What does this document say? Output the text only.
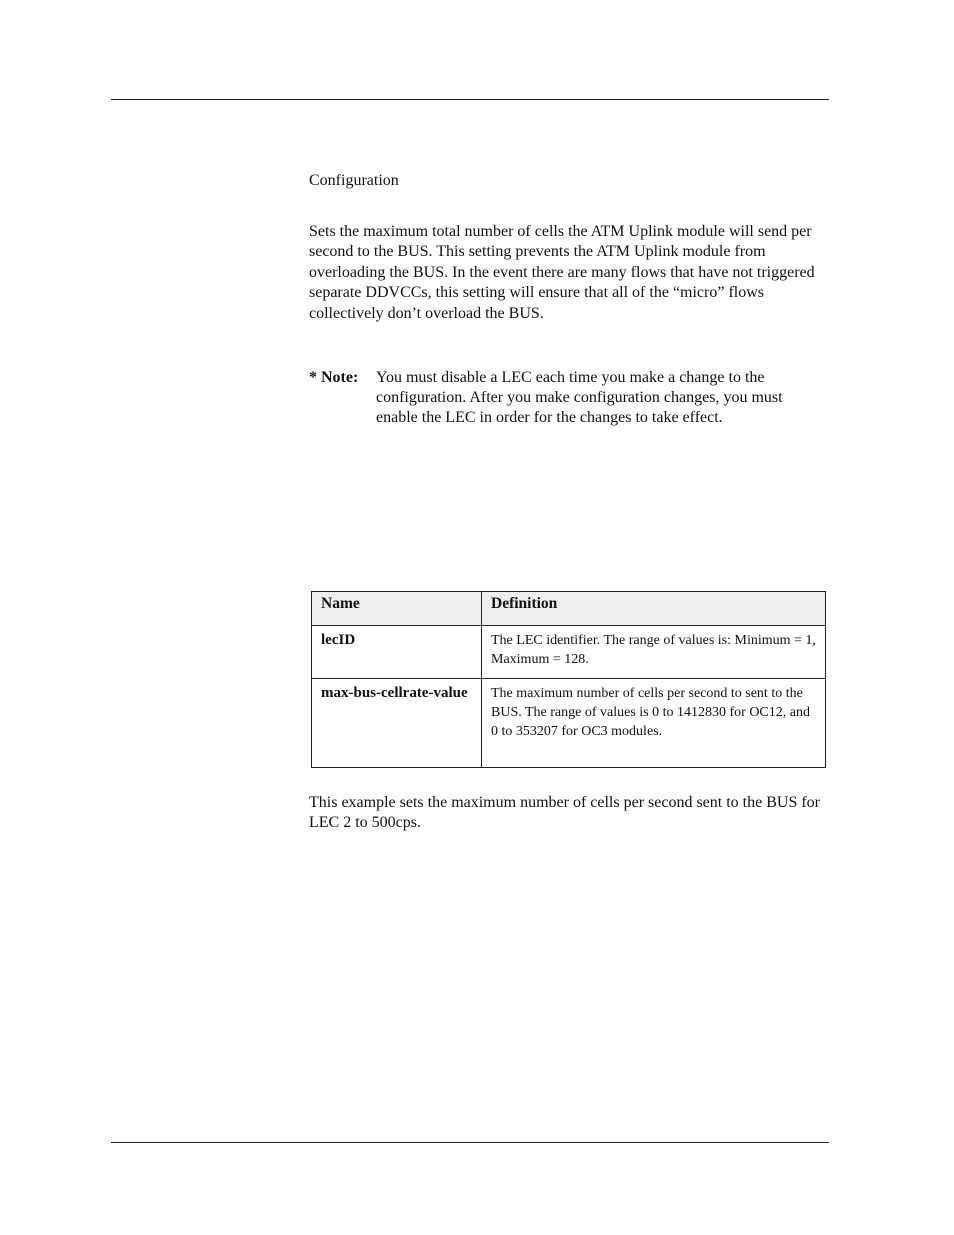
Configuration

Sets the maximum total number of cells the ATM Uplink module will send per second to the BUS. This setting prevents the ATM Uplink module from overloading the BUS. In the event there are many flows that have not triggered separate DDVCCs, this setting will ensure that all of the “micro” flows collectively don’t overload the BUS.

* Note: You must disable a LEC each time you make a change to the configuration. After you make configuration changes, you must enable the LEC in order for the changes to take effect.
Name	Definition
lecID	The LEC identifier. The range of values is: Minimum = 1, Maximum = 128.
max-bus-cellrate-value	The maximum number of cells per second to sent to the BUS. The range of values is 0 to 1412830 for OC12, and 0 to 353207 for OC3 modules.

This example sets the maximum number of cells per second sent to the BUS for LEC 2 to 500cps.
